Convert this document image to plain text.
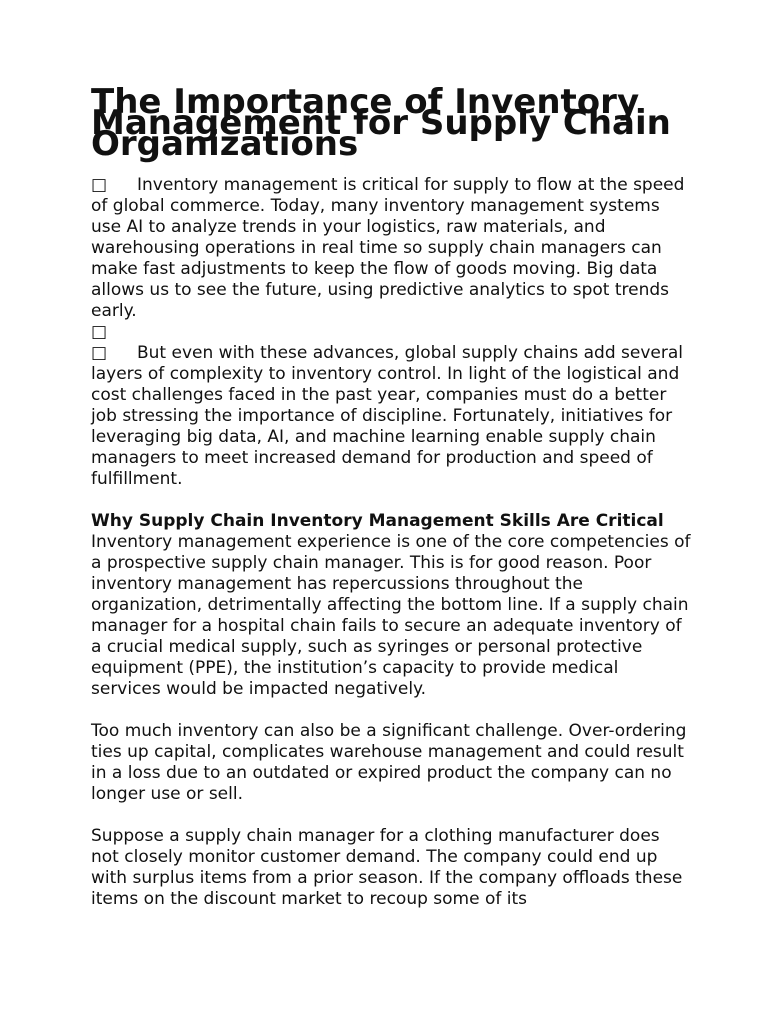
The Importance of Inventory Management for Supply Chain Organizations

□ Inventory management is critical for supply to flow at the speed of global commerce. Today, many inventory management systems use AI to analyze trends in your logistics, raw materials, and warehousing operations in real time so supply chain managers can make fast adjustments to keep the flow of goods moving. Big data allows us to see the future, using predictive analytics to spot trends early.

□

□ But even with these advances, global supply chains add several layers of complexity to inventory control. In light of the logistical and cost challenges faced in the past year, companies must do a better job stressing the importance of discipline. Fortunately, initiatives for leveraging big data, AI, and machine learning enable supply chain managers to meet increased demand for production and speed of fulfillment.

Why Supply Chain Inventory Management Skills Are Critical

Inventory management experience is one of the core competencies of a prospective supply chain manager. This is for good reason. Poor inventory management has repercussions throughout the organization, detrimentally affecting the bottom line. If a supply chain manager for a hospital chain fails to secure an adequate inventory of a crucial medical supply, such as syringes or personal protective equipment (PPE), the institution’s capacity to provide medical services would be impacted negatively.

Too much inventory can also be a significant challenge. Over-ordering ties up capital, complicates warehouse management and could result in a loss due to an outdated or expired product the company can no longer use or sell.

Suppose a supply chain manager for a clothing manufacturer does not closely monitor customer demand. The company could end up with surplus items from a prior season. If the company offloads these items on the discount market to recoup some of its
